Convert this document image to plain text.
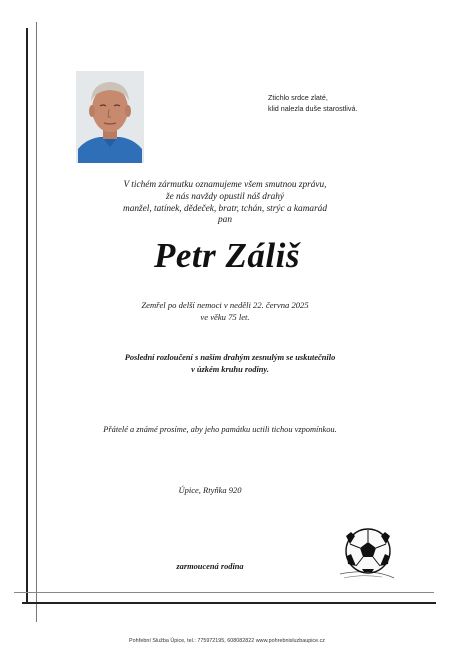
Ztichlo srdce zlaté,
klid nalezla duše starostlivá.
V tichém zármutku oznamujeme všem smutnou zprávu,
že nás navždy opustil náš drahý
manžel, tatínek, dědeček, bratr, tchán, strýc a kamarád
pan
Petr Záliš
Zemřel po delší nemoci v neděli 22. června 2025
ve věku 75 let.
Poslední rozloučení s naším drahým zesnulým se uskutečnilo
v úzkém kruhu rodiny.
Přátelé a známé prosíme, aby jeho památku uctili tichou vzpomínkou.
Úpice, Rtyňka 920
zarmoucená rodina
Pohřební Služba Úpice, tel.: 775972195, 608082822 www.pohrebnisluzbaupice.cz
